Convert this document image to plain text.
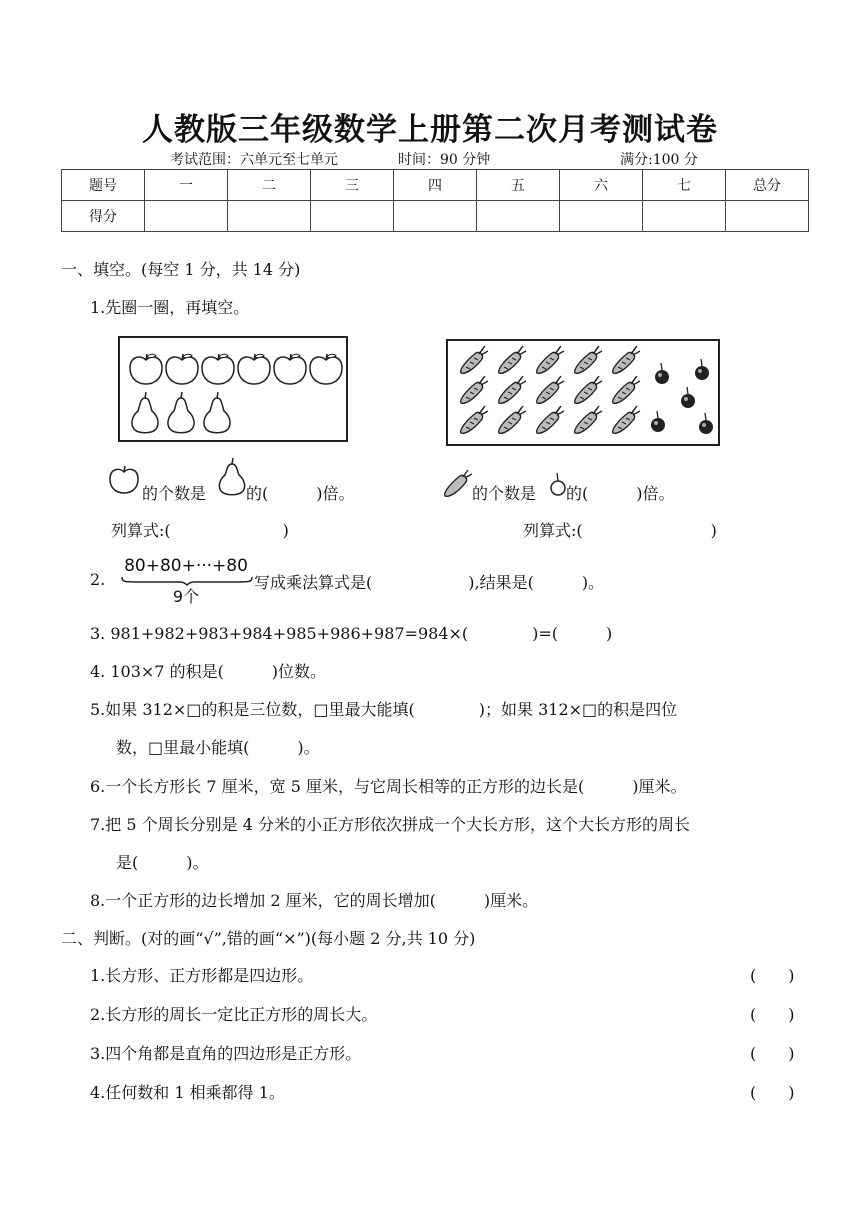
人教版三年级数学上册第二次月考测试卷
考试范围：六单元至七单元	时间：90 分钟	满分:100 分
题号	一	二	三	四	五	六	七	总分
得分								
一、填空。(每空 1 分，共 14 分)
1.先圈一圈，再填空。
的个数是 的(　　　)倍。	的个数是 的(　　　)倍。
列算式:(　　　　　　　)	列算式:(　　　　　　　　)
2.
80+80+···+80
9个
写成乘法算式是(　　　　　　),结果是(　　　)。
3. 981+982+983+984+985+986+987=984×(　　　　)=(　　　)
4. 103×7 的积是(　　　)位数。
5.如果 312×□的积是三位数，□里最大能填(　　　　)；如果 312×□的积是四位
数，□里最小能填(　　　)。
6.一个长方形长 7 厘米，宽 5 厘米，与它周长相等的正方形的边长是(　　　)厘米。
7.把 5 个周长分别是 4 分米的小正方形依次拼成一个大长方形，这个大长方形的周长
是(　　　)。
8.一个正方形的边长增加 2 厘米，它的周长增加(　　　)厘米。
二、判断。(对的画“√”,错的画“×”)(每小题 2 分,共 10 分)
1.长方形、正方形都是四边形。	(　　)
2.长方形的周长一定比正方形的周长大。	(　　)
3.四个角都是直角的四边形是正方形。	(　　)
4.任何数和 1 相乘都得 1。	(　　)
